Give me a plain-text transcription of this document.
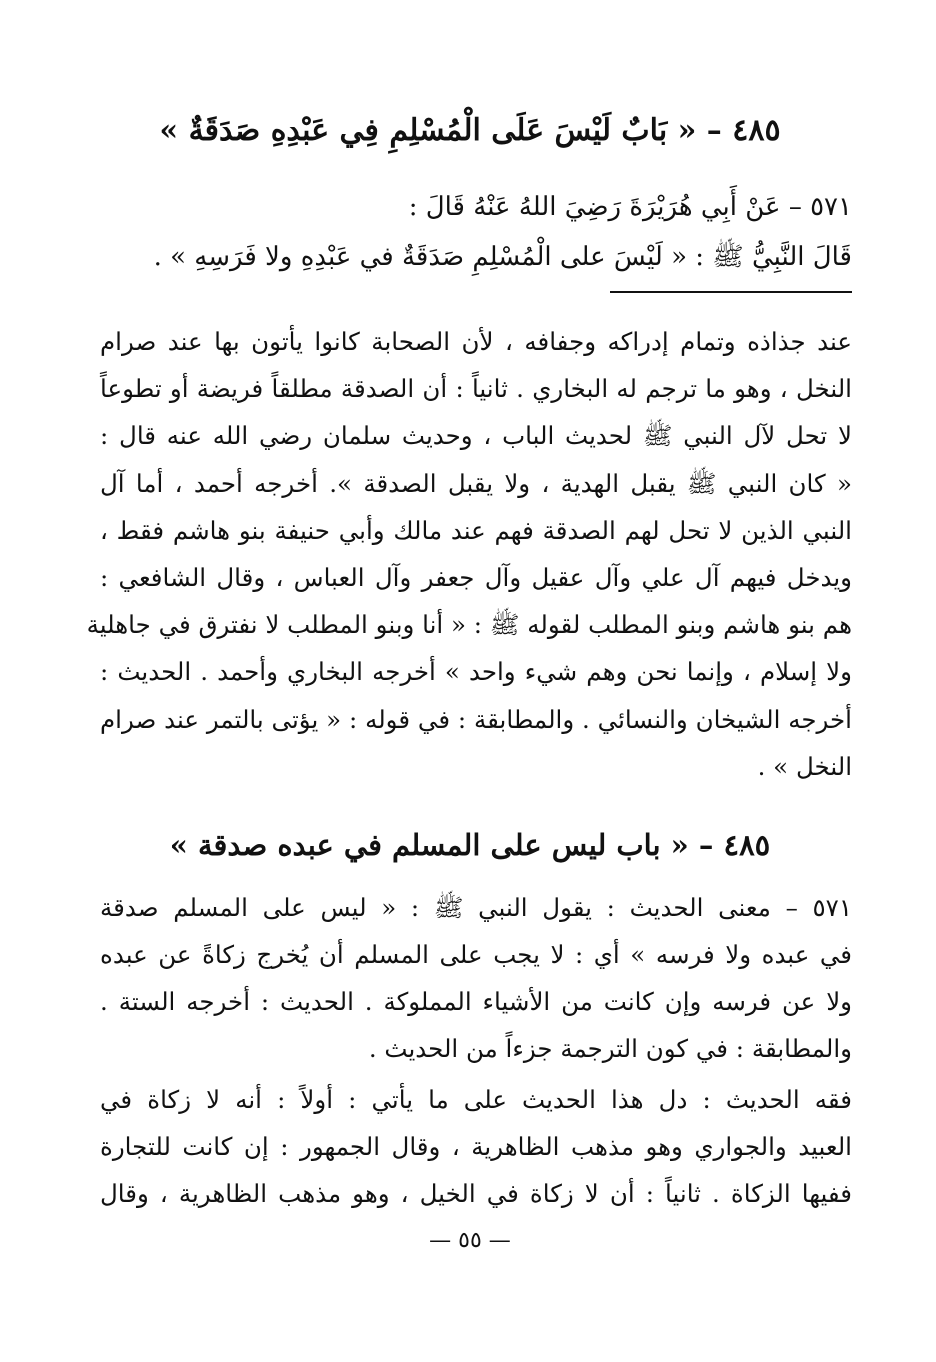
٤٨٥ – « بَابٌ لَيْسَ عَلَى الْمُسْلِمِ فِي عَبْدِهِ صَدَقَةٌ »
٥٧١ – عَنْ أَبِي هُرَيْرَةَ رَضِيَ اللهُ عَنْهُ قَالَ :
قَالَ النَّبِيُّ ﷺ : « لَيْسَ على الْمُسْلِمِ صَدَقَةٌ في عَبْدِهِ ولا فَرَسِهِ » .
عند جذاذه وتمام إدراكه وجفافه ، لأن الصحابة كانوا يأتون بها عند صرام
النخل ، وهو ما ترجم له البخاري . ثانياً : أن الصدقة مطلقاً فريضة أو تطوعاً
لا تحل لآل النبي ﷺ لحديث الباب ، وحديث سلمان رضي الله عنه قال :
« كان النبي ﷺ يقبل الهدية ، ولا يقبل الصدقة ». أخرجه أحمد ، أما آل
النبي الذين لا تحل لهم الصدقة فهم عند مالك وأبي حنيفة بنو هاشم فقط ،
ويدخل فيهم آل علي وآل عقيل وآل جعفر وآل العباس ، وقال الشافعي :
هم بنو هاشم وبنو المطلب لقوله ﷺ : « أنا وبنو المطلب لا نفترق في جاهلية
ولا إسلام ، وإنما نحن وهم شيء واحد » أخرجه البخاري وأحمد . الحديث :
أخرجه الشيخان والنسائي . والمطابقة : في قوله : « يؤتى بالتمر عند صرام
النخل » .
٤٨٥ – « باب ليس على المسلم في عبده صدقة »
٥٧١ – معنى الحديث : يقول النبي ﷺ : « ليس على المسلم صدقة
في عبده ولا فرسه » أي : لا يجب على المسلم أن يُخرج زكاةً عن عبده
ولا عن فرسه وإن كانت من الأشياء المملوكة . الحديث : أخرجه الستة .
والمطابقة : في كون الترجمة جزءاً من الحديث .
فقه الحديث : دل هذا الحديث على ما يأتي : أولاً : أنه لا زكاة في
العبيد والجواري وهو مذهب الظاهرية ، وقال الجمهور : إن كانت للتجارة
ففيها الزكاة . ثانياً : أن لا زكاة في الخيل ، وهو مذهب الظاهرية ، وقال
— ٥٥ —
